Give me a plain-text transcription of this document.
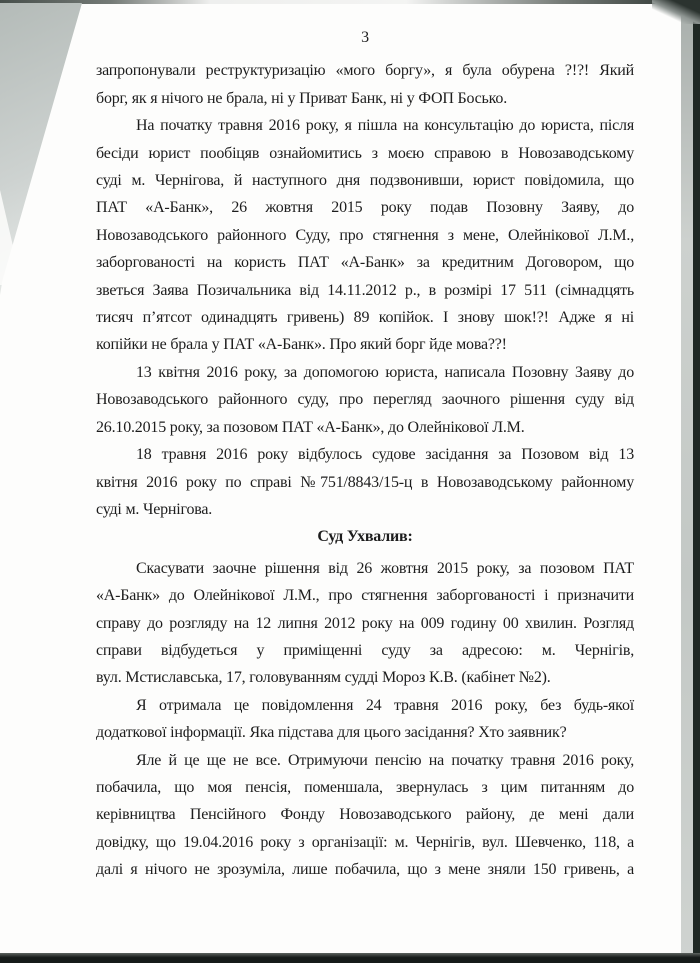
3
запропонували реструктуризацію «мого боргу», я була обурена ?!?! Який
борг, як я нічого не брала, ні у Приват Банк, ні у ФОП Босько.
На початку травня 2016 року, я пішла на консультацію до юриста, після
бесіди юрист пообіцяв ознайомитись з моєю справою в Новозаводському
суді м. Чернігова, й наступного дня подзвонивши, юрист повідомила, що
ПАТ «А-Банк», 26 жовтня 2015 року подав Позовну Заяву, до
Новозаводського районного Суду, про стягнення з мене, Олейнікової Л.М.,
заборгованості на користь ПАТ «А-Банк» за кредитним Договором, що
зветься Заява Позичальника від 14.11.2012 р., в розмірі 17 511 (сімнадцять
тисяч п’ятсот одинадцять гривень) 89 копійок. І знову шок!?! Адже я ні
копійки не брала у ПАТ «А-Банк». Про який борг йде мова??!
13 квітня 2016 року, за допомогою юриста, написала Позовну Заяву до
Новозаводського районного суду, про перегляд заочного рішення суду від
26.10.2015 року, за позовом ПАТ «А-Банк», до Олейнікової Л.М.
18 травня 2016 року відбулось судове засідання за Позовом від 13
квітня 2016 року по справі №751/8843/15-ц в Новозаводському районному
суді м. Чернігова.
Суд Ухвалив:
Скасувати заочне рішення від 26 жовтня 2015 року, за позовом ПАТ
«А-Банк» до Олейнікової Л.М., про стягнення заборгованості і призначити
справу до розгляду на 12 липня 2012 року на 009 годину 00 хвилин. Розгляд
справи відбудеться у приміщенні суду за адресою: м. Чернігів,
вул. Мстиславська, 17, головуванням судді Мороз К.В. (кабінет №2).
Я отримала це повідомлення 24 травня 2016 року, без будь-якої
додаткової інформації. Яка підстава для цього засідання? Хто заявник?
Яле й це ще не все. Отримуючи пенсію на початку травня 2016 року,
побачила, що моя пенсія, поменшала, звернулась з цим питанням до
керівництва Пенсійного Фонду Новозаводського району, де мені дали
довідку, що 19.04.2016 року з організації: м. Чернігів, вул. Шевченко, 118, а
далі я нічого не зрозуміла, лише побачила, що з мене зняли 150 гривень, а
